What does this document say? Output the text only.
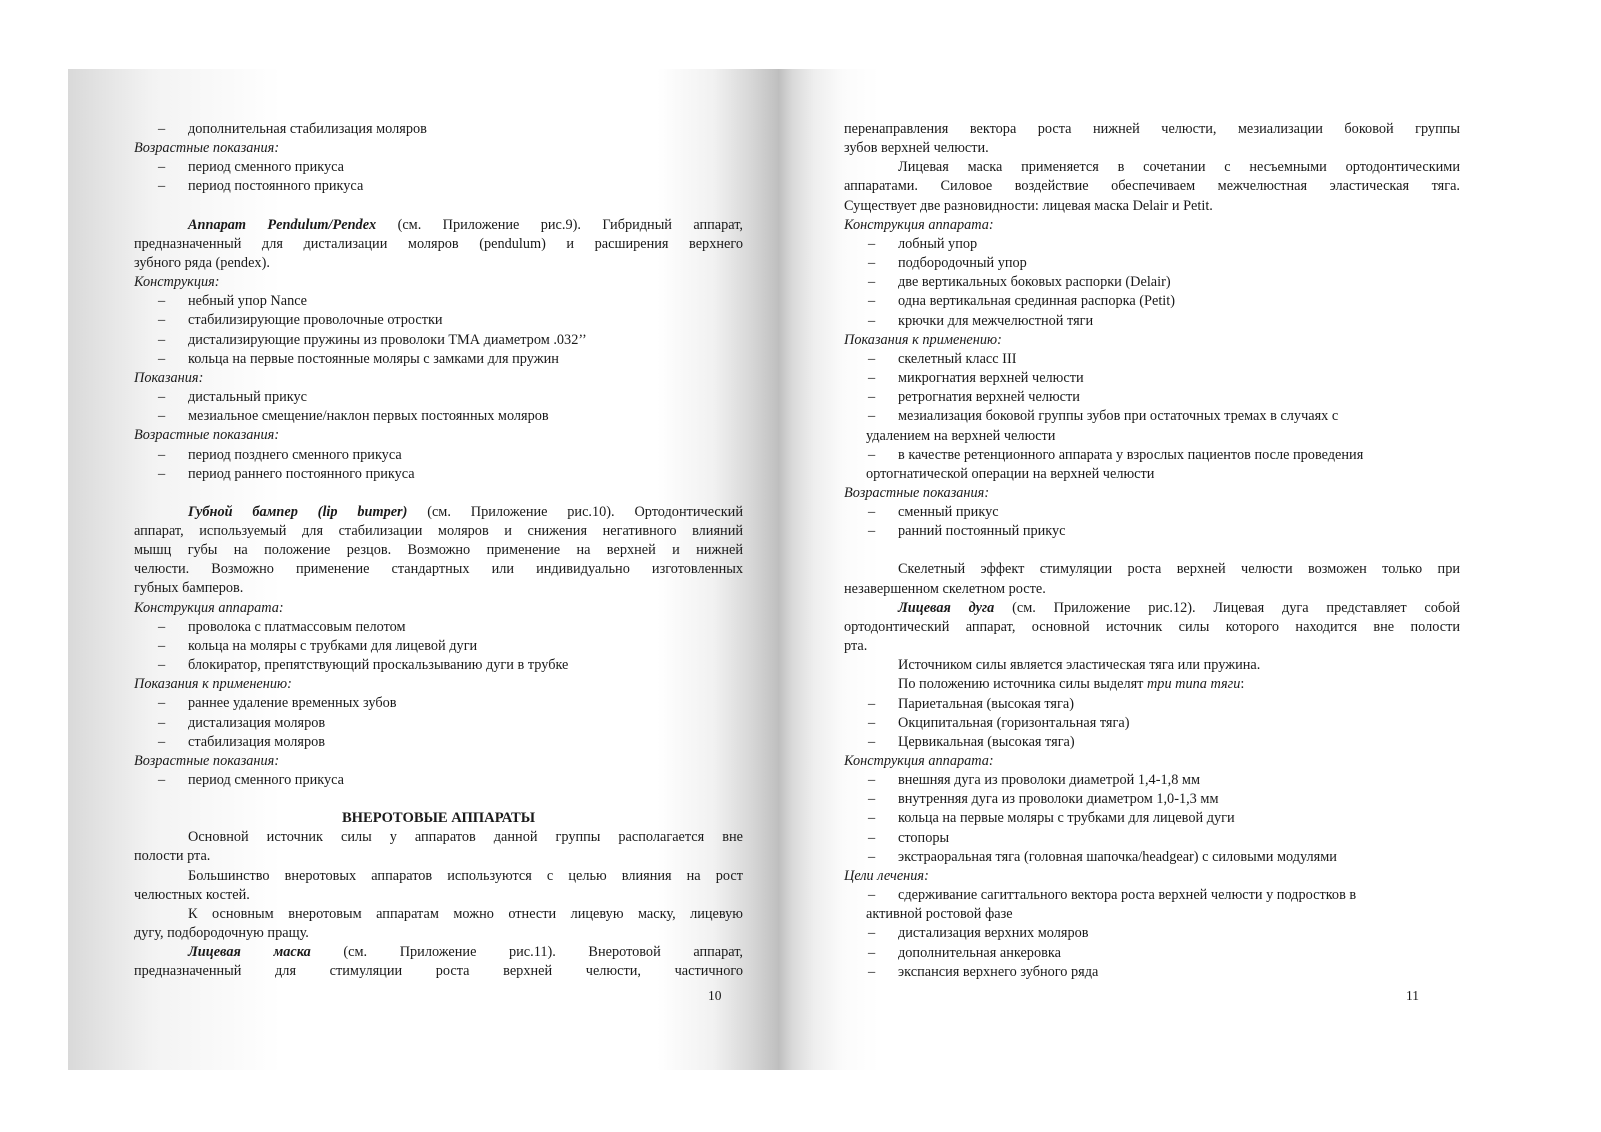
– дополнительная стабилизация моляров
Возрастные показания:
– период сменного прикуса
– период постоянного прикуса
Аппарат Pendulum/Pendex (см. Приложение рис.9). Гибридный аппарат,
предназначенный для дистализации моляров (pendulum) и расширения верхнего
зубного ряда (pendex).
Конструкция:
– небный упор Nance
– стабилизирующие проволочные отростки
– дистализирующие пружины из проволоки ТМА диаметром .032’’
– кольца на первые постоянные моляры с замками для пружин
Показания:
– дистальный прикус
– мезиальное смещение/наклон первых постоянных моляров
Возрастные показания:
– период позднего сменного прикуса
– период раннего постоянного прикуса
Губной бампер (lip bumper) (см. Приложение рис.10). Ортодонтический
аппарат, используемый для стабилизации моляров и снижения негативного влияний
мышц губы на положение резцов. Возможно применение на верхней и нижней
челюсти. Возможно применение стандартных или индивидуально изготовленных
губных бамперов.
Конструкция аппарата:
– проволока с платмассовым пелотом
– кольца на моляры с трубками для лицевой дуги
– блокиратор, препятствующий проскальзыванию дуги в трубке
Показания к применению:
– раннее удаление временных зубов
– дистализация моляров
– стабилизация моляров
Возрастные показания:
– период сменного прикуса
ВНЕРОТОВЫЕ АППАРАТЫ
Основной источник силы у аппаратов данной группы располагается вне
полости рта.
Большинство внеротовых аппаратов используются с целью влияния на рост
челюстных костей.
К основным внеротовым аппаратам можно отнести лицевую маску, лицевую
дугу, подбородочную пращу.
Лицевая маска (см. Приложение рис.11). Внеротовой аппарат,
предназначенный для стимуляции роста верхней челюсти, частичного
10
перенаправления вектора роста нижней челюсти, мезиализации боковой группы
зубов верхней челюсти.
Лицевая маска применяется в сочетании с несъемными ортодонтическими
аппаратами. Силовое воздействие обеспечиваем межчелюстная эластическая тяга.
Существует две разновидности: лицевая маска Delair и Petit.
Конструкция аппарата:
– лобный упор
– подбородочный упор
– две вертикальных боковых распорки (Delair)
– одна вертикальная срединная распорка (Petit)
– крючки для межчелюстной тяги
Показания к применению:
– скелетный класс III
– микрогнатия верхней челюсти
– ретрогнатия верхней челюсти
– мезиализация боковой группы зубов при остаточных тремах в случаях с
удалением на верхней челюсти
– в качестве ретенционного аппарата у взрослых пациентов после проведения
ортогнатической операции на верхней челюсти
Возрастные показания:
– сменный прикус
– ранний постоянный прикус
Скелетный эффект стимуляции роста верхней челюсти возможен только при
незавершенном скелетном росте.
Лицевая дуга (см. Приложение рис.12). Лицевая дуга представляет собой
ортодонтический аппарат, основной источник силы которого находится вне полости
рта.
Источником силы является эластическая тяга или пружина.
По положению источника силы выделят три типа тяги:
– Париетальная (высокая тяга)
– Окципитальная (горизонтальная тяга)
– Цервикальная (высокая тяга)
Конструкция аппарата:
– внешняя дуга из проволоки диаметрой 1,4-1,8 мм
– внутренняя дуга из проволоки диаметром 1,0-1,3 мм
– кольца на первые моляры с трубками для лицевой дуги
– стопоры
– экстраоральная тяга (головная шапочка/headgear) с силовыми модулями
Цели лечения:
– сдерживание сагиттального вектора роста верхней челюсти у подростков в
активной ростовой фазе
– дистализация верхних моляров
– дополнительная анкеровка
– экспансия верхнего зубного ряда
11
